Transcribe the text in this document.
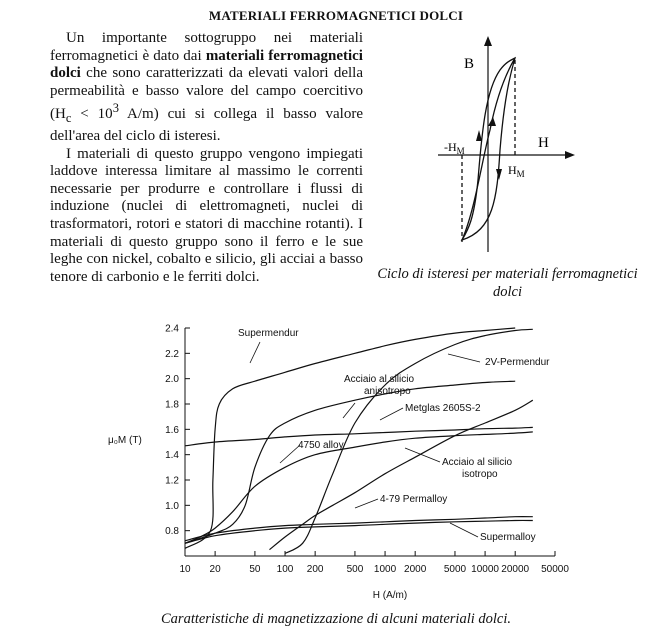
MATERIALI FERROMAGNETICI DOLCI

Un importante sottogruppo nei materiali ferromagnetici è dato dai materiali ferromagnetici dolci che sono caratterizzati da elevati valori della permeabilità e basso valore del campo coercitivo ($H_c < 10^3$ A/m) cui si collega il basso valore dell'area del ciclo di isteresi.

I materiali di questo gruppo vengono impiegati laddove interessa limitare al massimo le correnti necessarie per produrre e controllare i flussi di induzione (nuclei di elettromagneti, nuclei di trasformatori, rotori e statori di macchine rotanti). I materiali di questo gruppo sono il ferro e le sue leghe con nickel, cobalto e silicio, gli acciai a basso tenore di carbonio e le ferriti dolci.

B
H
$-H_M$
$H_M$
Ciclo di isteresi per materiali ferromagnetici dolci
μ₀M (T)
0.8
1.0
1.2
1.4
1.6
1.8
2.0
2.2
2.4
10 20	50 100 200 500 1000 2000 5000 10000 20000 50000
Supermendur
2V-Permendur
Acciaio al silicio
anisotropo
Metglas 2605S-2
4750 alloy
Acciaio al silicio
isotropo
4-79 Permalloy
Supermalloy
H (A/m)
Caratteristiche di magnetizzazione di alcuni materiali dolci.
